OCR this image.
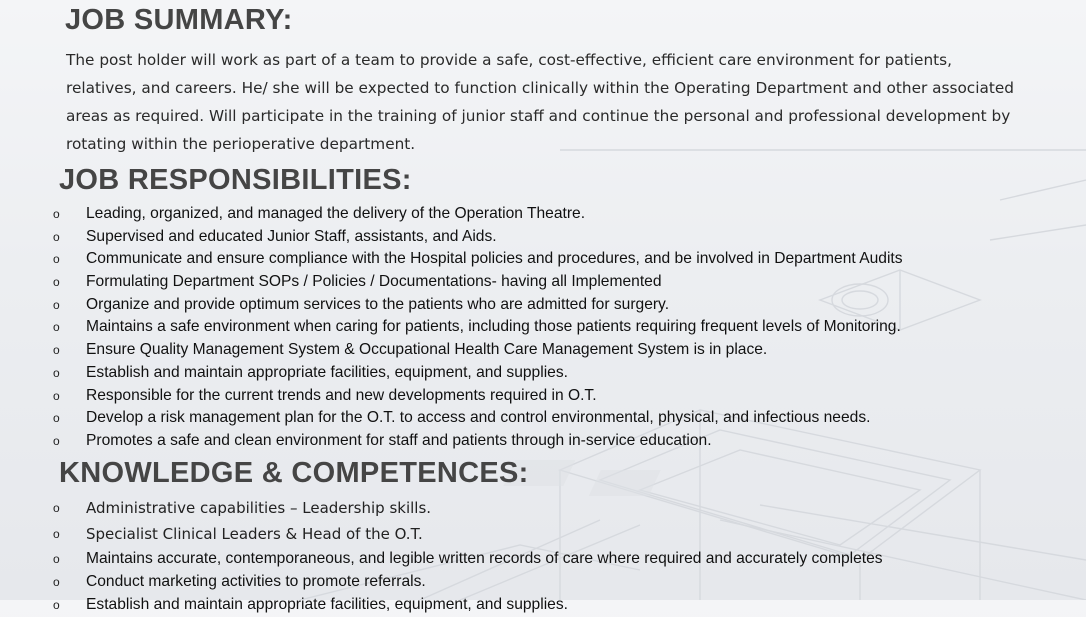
JOB SUMMARY:

The post holder will work as part of a team to provide a safe, cost-effective, efficient care environment for patients, relatives, and careers. He/ she will be expected to function clinically within the Operating Department and other associated areas as required. Will participate in the training of junior staff and continue the personal and professional development by rotating within the perioperative department.

JOB RESPONSIBILITIES:
o Leading, organized, and managed the delivery of the Operation Theatre.
o Supervised and educated Junior Staff, assistants, and Aids.
o Communicate and ensure compliance with the Hospital policies and procedures, and be involved in Department Audits
o Formulating Department SOPs / Policies / Documentations- having all Implemented
o Organize and provide optimum services to the patients who are admitted for surgery.
o Maintains a safe environment when caring for patients, including those patients requiring frequent levels of Monitoring.
o Ensure Quality Management System & Occupational Health Care Management System is in place.
o Establish and maintain appropriate facilities, equipment, and supplies.
o Responsible for the current trends and new developments required in O.T.
o Develop a risk management plan for the O.T. to access and control environmental, physical, and infectious needs.
o Promotes a safe and clean environment for staff and patients through in-service education.
KNOWLEDGE & COMPETENCES:
o Administrative capabilities – Leadership skills.
o Specialist Clinical Leaders & Head of the O.T.
o Maintains accurate, contemporaneous, and legible written records of care where required and accurately completes
o Conduct marketing activities to promote referrals.
o Establish and maintain appropriate facilities, equipment, and supplies.
